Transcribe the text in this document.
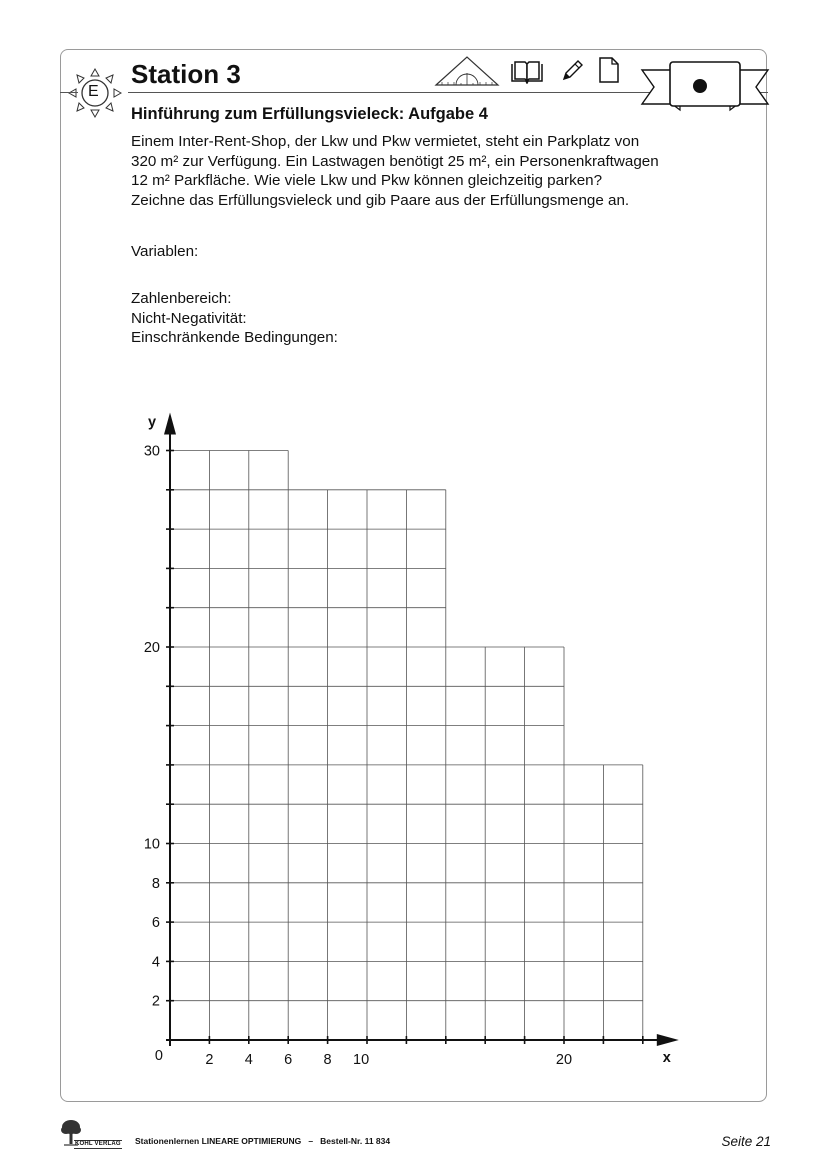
E
Station 3
Hinführung zum Erfüllungsvieleck: Aufgabe 4

Einem Inter-Rent-Shop, der Lkw und Pkw vermietet, steht ein Parkplatz von
320 m² zur Verfügung. Ein Lastwagen benötigt 25 m², ein Personenkraftwagen
12 m² Parkfläche. Wie viele Lkw und Pkw können gleichzeitig parken?
Zeichne das Erfüllungsvieleck und gib Paare aus der Erfüllungsmenge an.

Variablen:

Zahlenbereich:

Nicht-Negativität:

Einschränkende Bedingungen:

2 4 6 8 10	20
2
4
6
8
10
20
30
0	x
y
KOHL VERLAG Stationenlernen LINEARE OPTIMIERUNG – Bestell-Nr. 11 834	Seite 21
